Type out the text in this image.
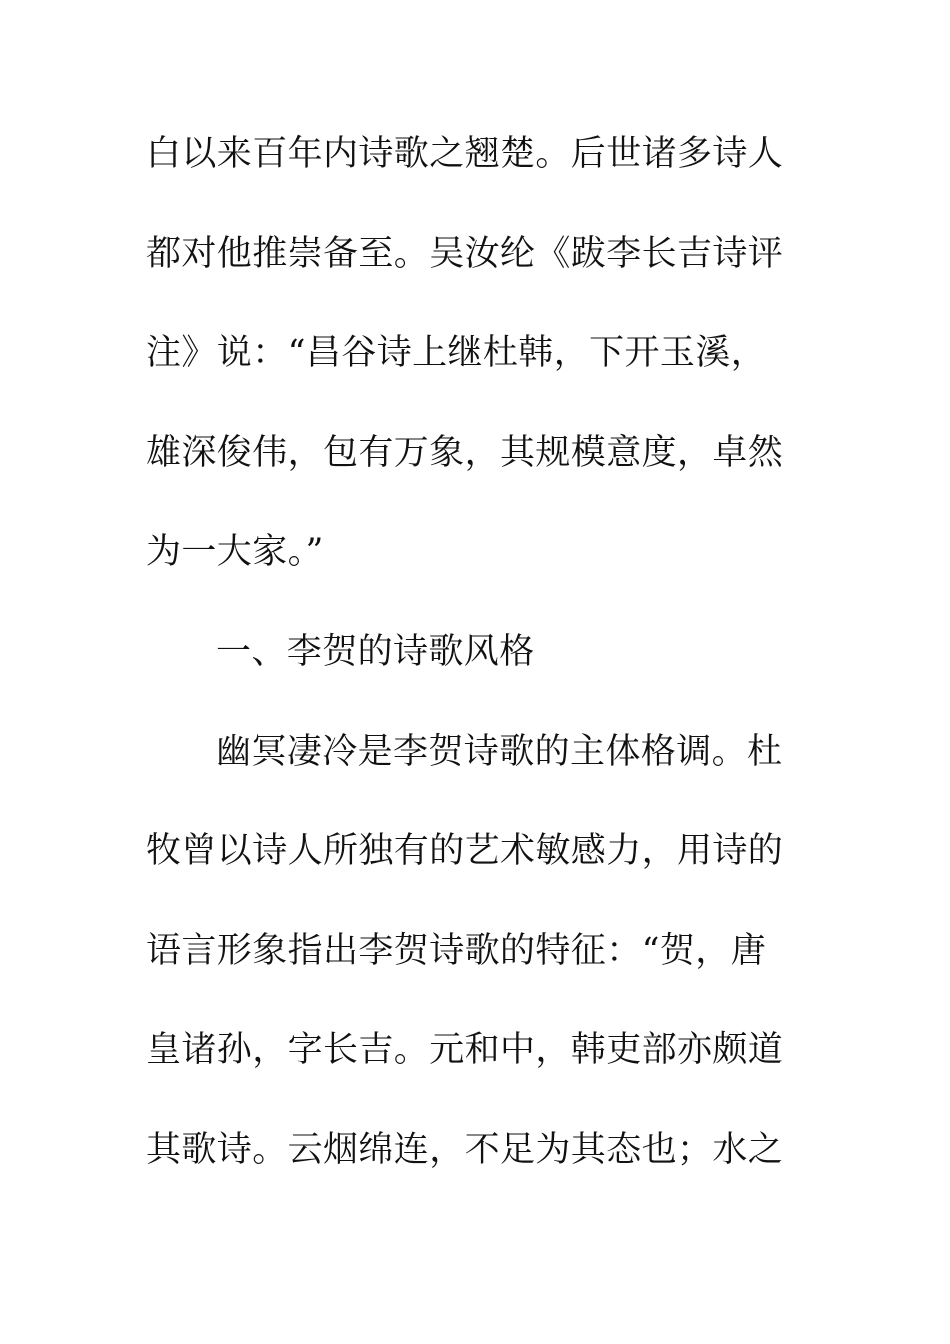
白以来百年内诗歌之翘楚。后世诸多诗人
都对他推崇备至。吴汝纶《跋李长吉诗评
注》说：“昌谷诗上继杜韩，下开玉溪，
雄深俊伟，包有万象，其规模意度，卓然
为一大家。”
一、李贺的诗歌风格
幽冥凄冷是李贺诗歌的主体格调。杜
牧曾以诗人所独有的艺术敏感力，用诗的
语言形象指出李贺诗歌的特征：“贺，唐
皇诸孙，字长吉。元和中，韩吏部亦颇道
其歌诗。云烟绵连，不足为其态也；水之
